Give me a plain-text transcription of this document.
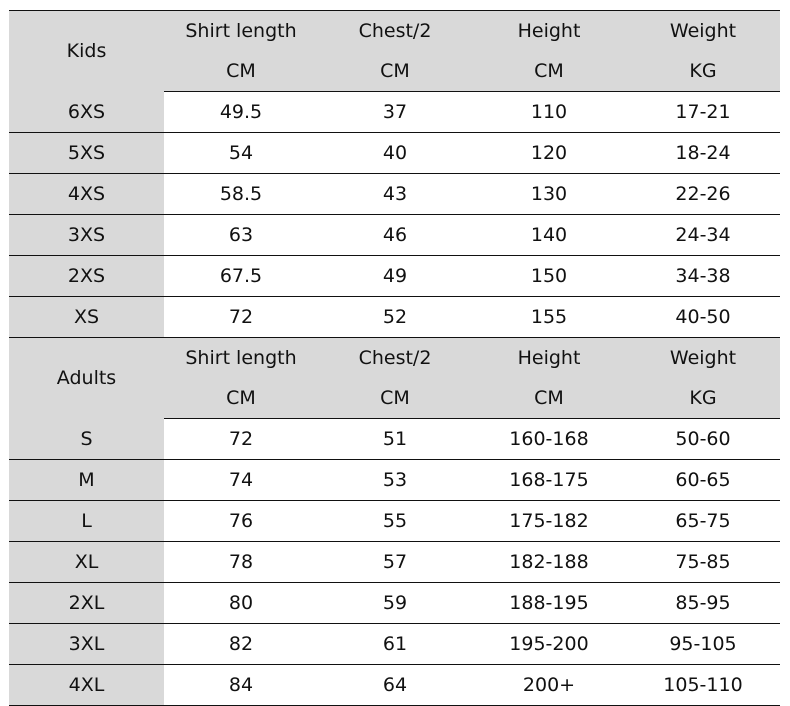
Kids	Shirt length	Chest/2	Height	Weight
	CM	CM	CM	KG
6XS	49.5	37	110	17-21
5XS	54	40	120	18-24
4XS	58.5	43	130	22-26
3XS	63	46	140	24-34
2XS	67.5	49	150	34-38
XS	72	52	155	40-50
Adults	Shirt length	Chest/2	Height	Weight
	CM	CM	CM	KG
S	72	51	160-168	50-60
M	74	53	168-175	60-65
L	76	55	175-182	65-75
XL	78	57	182-188	75-85
2XL	80	59	188-195	85-95
3XL	82	61	195-200	95-105
4XL	84	64	200+	105-110
